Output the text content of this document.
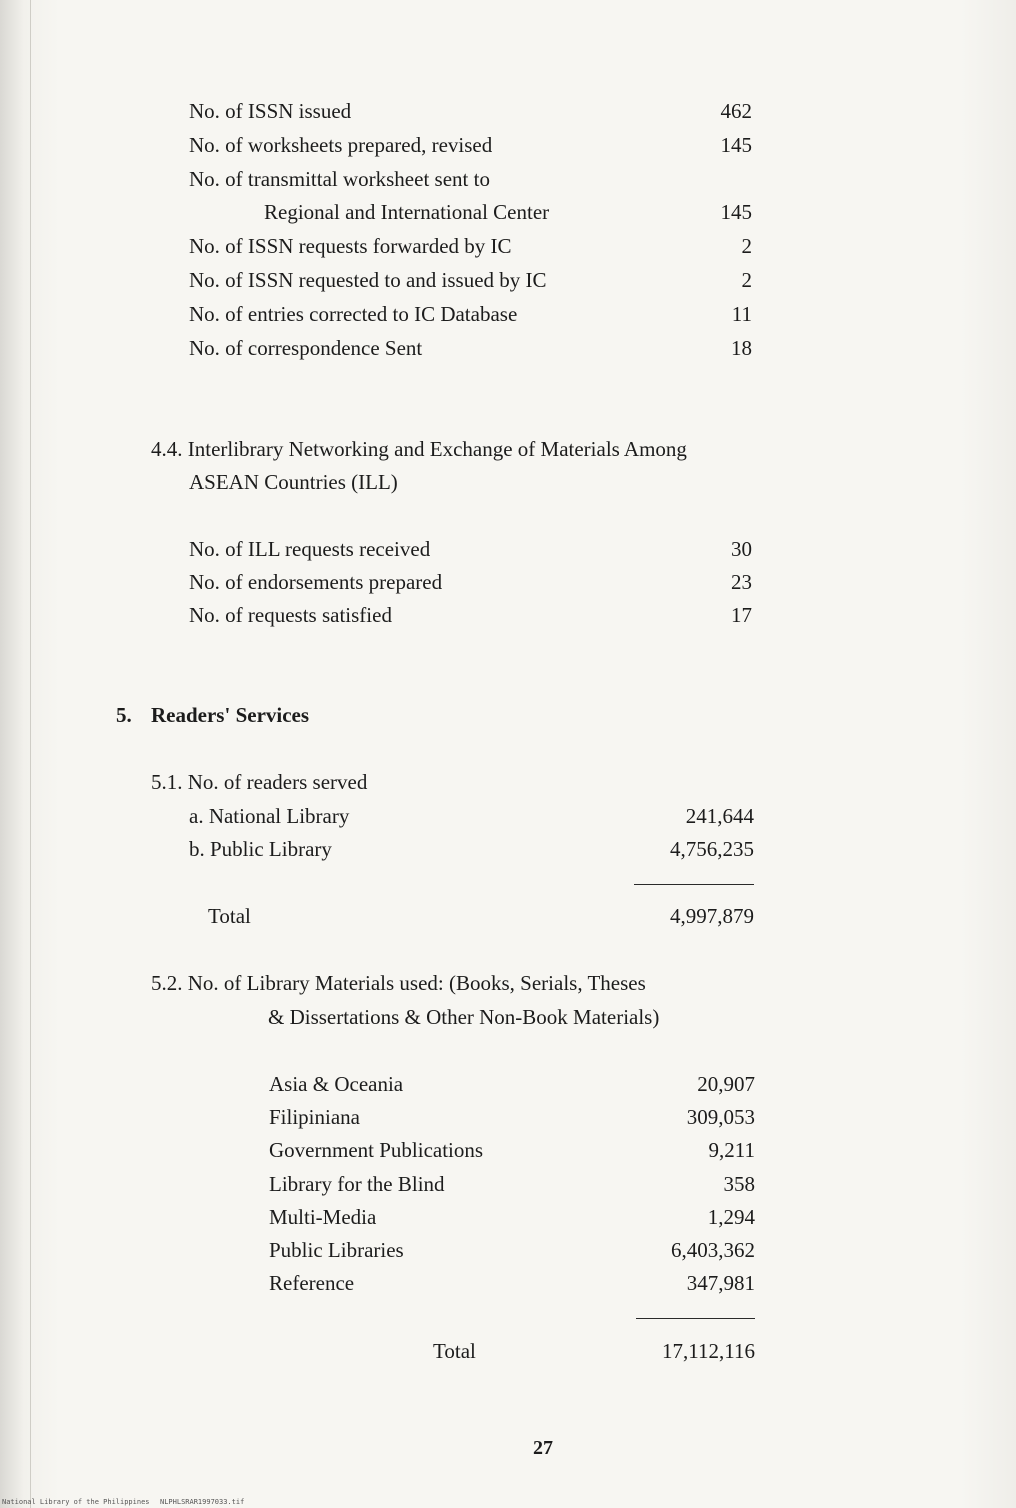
No. of ISSN issued	462
No. of worksheets prepared, revised	145
No. of transmittal worksheet sent to
Regional and International Center	145
No. of ISSN requests forwarded by IC	2
No. of ISSN requested to and issued by IC	2
No. of entries corrected to IC Database	11
No. of correspondence Sent	18
4.4. Interlibrary Networking and Exchange of Materials Among
ASEAN Countries (ILL)
No. of ILL requests received	30
No. of endorsements prepared	23
No. of requests satisfied	17
5. Readers' Services
5.1. No. of readers served
a. National Library	241,644
b. Public Library	4,756,235
Total	4,997,879
5.2. No. of Library Materials used: (Books, Serials, Theses
& Dissertations & Other Non-Book Materials)
Asia & Oceania	20,907
Filipiniana	309,053
Government Publications	9,211
Library for the Blind	358
Multi-Media	1,294
Public Libraries	6,403,362
Reference	347,981
Total	17,112,116
27
National Library of the Philippines NLPHLSRAR1997033.tif
